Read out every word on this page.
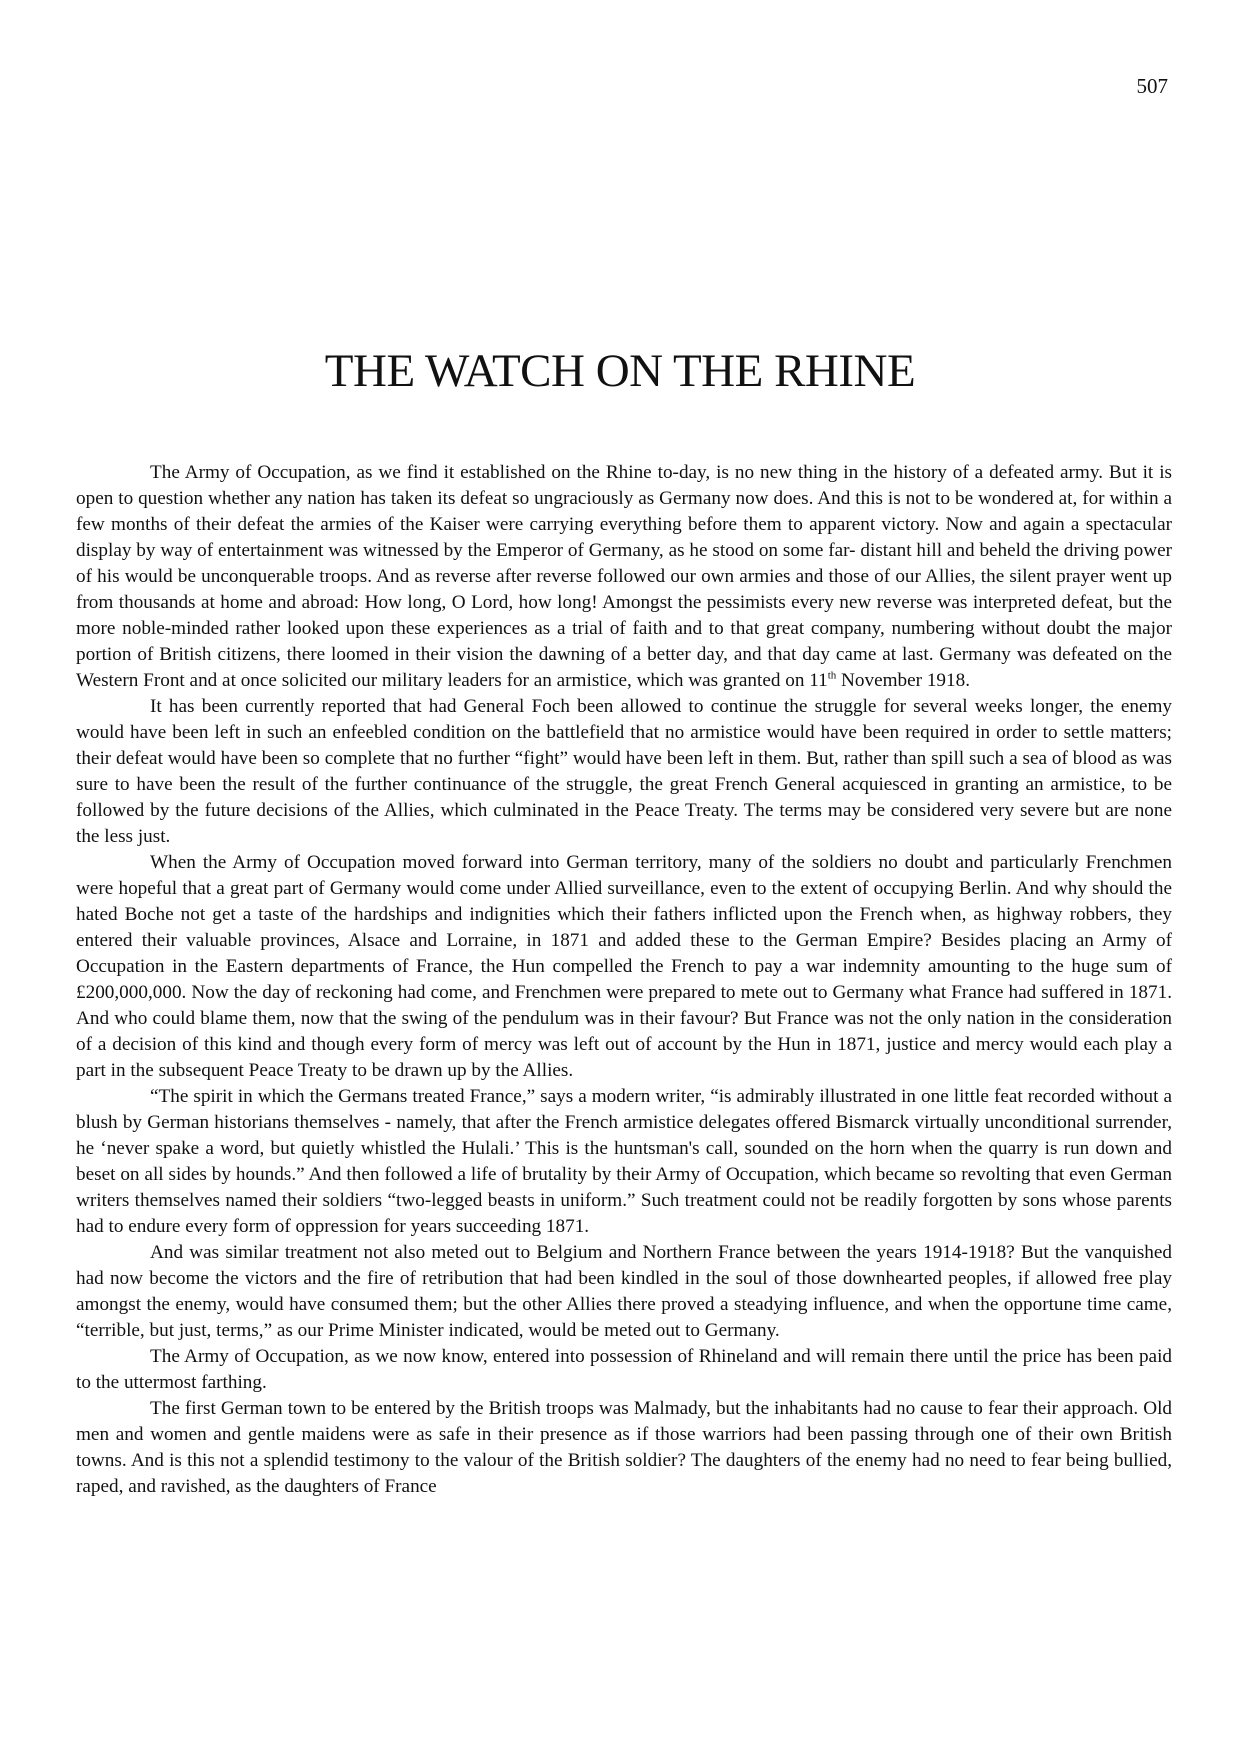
507
THE WATCH ON THE RHINE

The Army of Occupation, as we find it established on the Rhine to-day, is no new thing in the history of a defeated army. But it is open to question whether any nation has taken its defeat so ungraciously as Germany now does. And this is not to be wondered at, for within a few months of their defeat the armies of the Kaiser were carrying everything before them to apparent victory. Now and again a spectacular display by way of entertainment was witnessed by the Emperor of Germany, as he stood on some far- distant hill and beheld the driving power of his would be unconquerable troops. And as reverse after reverse followed our own armies and those of our Allies, the silent prayer went up from thousands at home and abroad: How long, O Lord, how long! Amongst the pessimists every new reverse was interpreted defeat, but the more noble-minded rather looked upon these experiences as a trial of faith and to that great company, numbering without doubt the major portion of British citizens, there loomed in their vision the dawning of a better day, and that day came at last. Germany was defeated on the Western Front and at once solicited our military leaders for an armistice, which was granted on 11th November 1918.

It has been currently reported that had General Foch been allowed to continue the struggle for several weeks longer, the enemy would have been left in such an enfeebled condition on the battlefield that no armistice would have been required in order to settle matters; their defeat would have been so complete that no further “fight” would have been left in them. But, rather than spill such a sea of blood as was sure to have been the result of the further continuance of the struggle, the great French General acquiesced in granting an armistice, to be followed by the future decisions of the Allies, which culminated in the Peace Treaty. The terms may be considered very severe but are none the less just.

When the Army of Occupation moved forward into German territory, many of the soldiers no doubt and particularly Frenchmen were hopeful that a great part of Germany would come under Allied surveillance, even to the extent of occupying Berlin. And why should the hated Boche not get a taste of the hardships and indignities which their fathers inflicted upon the French when, as highway robbers, they entered their valuable provinces, Alsace and Lorraine, in 1871 and added these to the German Empire? Besides placing an Army of Occupation in the Eastern departments of France, the Hun compelled the French to pay a war indemnity amounting to the huge sum of £200,000,000. Now the day of reckoning had come, and Frenchmen were prepared to mete out to Germany what France had suffered in 1871. And who could blame them, now that the swing of the pendulum was in their favour? But France was not the only nation in the consideration of a decision of this kind and though every form of mercy was left out of account by the Hun in 1871, justice and mercy would each play a part in the subsequent Peace Treaty to be drawn up by the Allies.

“The spirit in which the Germans treated France,” says a modern writer, “is admirably illustrated in one little feat recorded without a blush by German historians themselves - namely, that after the French armistice delegates offered Bismarck virtually unconditional surrender, he ‘never spake a word, but quietly whistled the Hulali.’ This is the huntsman's call, sounded on the horn when the quarry is run down and beset on all sides by hounds.” And then followed a life of brutality by their Army of Occupation, which became so revolting that even German writers themselves named their soldiers “two-legged beasts in uniform.” Such treatment could not be readily forgotten by sons whose parents had to endure every form of oppression for years succeeding 1871.

And was similar treatment not also meted out to Belgium and Northern France between the years 1914-1918? But the vanquished had now become the victors and the fire of retribution that had been kindled in the soul of those downhearted peoples, if allowed free play amongst the enemy, would have consumed them; but the other Allies there proved a steadying influence, and when the opportune time came, “terrible, but just, terms,” as our Prime Minister indicated, would be meted out to Germany.

The Army of Occupation, as we now know, entered into possession of Rhineland and will remain there until the price has been paid to the uttermost farthing.

The first German town to be entered by the British troops was Malmady, but the inhabitants had no cause to fear their approach. Old men and women and gentle maidens were as safe in their presence as if those warriors had been passing through one of their own British towns. And is this not a splendid testimony to the valour of the British soldier? The daughters of the enemy had no need to fear being bullied, raped, and ravished, as the daughters of France
